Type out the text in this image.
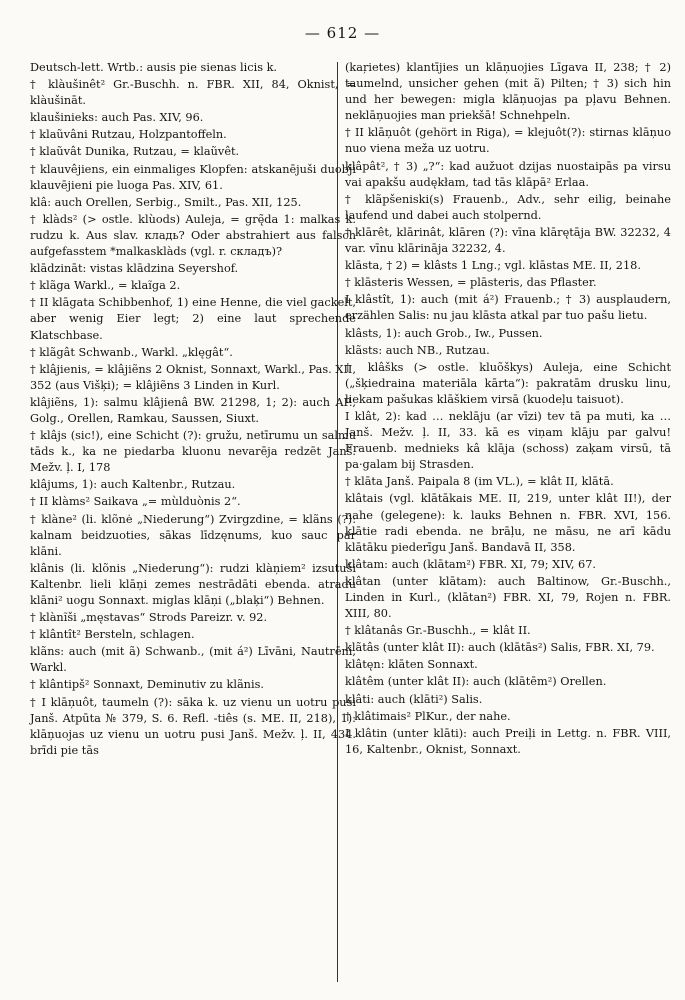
— 612 —

Deutsch-lett. Wrtb.: ausis pie sienas licis k.

† klàušinêt² Gr.-Buschh. n. FBR. XII, 84, Oknist, = klàušināt.

klaušinieks: auch Pas. XIV, 96.

† klaũvâni Rutzau, Holzpantoffeln.

† klaũvât Dunika, Rutzau, = klaũvêt.

† klauvêjiens, ein einmaliges Klopfen: atskanējuši duobji klauvējieni pie luoga Pas. XIV, 61.

klâ: auch Orellen, Serbig., Smilt., Pas. XII, 125.

† klàds² (> ostle. klùods) Auleja, = grę̃da 1: malkas k. rudzu k. Aus slav. кладь? Oder abstrahiert aus falsch aufgefasstem *malkasklàds (vgl. r. складъ)?

klādzināt: vistas klādzina Seyershof.

† klãga Warkl., = klaĩga 2.

† II klāgata Schibbenhof, 1) eine Henne, die viel gackelt, aber wenig Eier legt; 2) eine laut sprechende Klatschbase.

† klãgât Schwanb., Warkl. „klęgât“.

† klâjienis, = klâjiẽns 2 Oknist, Sonnaxt, Warkl., Pas. XII, 352 (aus Višķi); = klâjiẽns 3 Linden in Kurl.

klâjiẽns, 1): salmu klâjienâ BW. 21298, 1; 2): auch AP., Golg., Orellen, Ramkau, Saussen, Siuxt.

† klâjs (sic!), eine Schicht (?): gružu, netīrumu un salmu tāds k., ka ne piedarba kluonu nevarēja redzēt Janš. Mežv. ļ. I, 178

klâjums, 1): auch Kaltenbr., Rutzau.

† II klàms² Saikava „= mùlduònis 2“.

† klàne² (li. klõnė „Niederung“) Zvirgzdine, = klãns (?): kalnam beidzuoties, sākas līdzęnums, kuo sauc par klāni.

klânis (li. klõnis „Niederung“): rudzi klàņiem² izsutuši Kaltenbr. lieli klāņi zemes nestrādāti ebenda. atradu klāni² uogu Sonnaxt. miglas klāņi („blaķi“) Behnen.

† klànĩši „męstavas“ Strods Pareizr. v. 92.

† klântît² Bersteln, schlagen.

klãns: auch (mit ã) Schwanb., (mit á²) Līvāni, Nautrēni, Warkl.

† klântipš² Sonnaxt, Deminutiv zu klãnis.

† I klāņuôt, taumeln (?): sāka k. uz vienu un uotru pusi Janš. Atpūta № 379, S. 6. Refl. -tiês (s. ME. II, 218), 1): klāņuojas uz vienu un uotru pusi Janš. Mežv. ļ. II, 434. brīdi pie tās

(kaŗietes) klantījies un klāņuojies Līgava II, 238; † 2) taumelnd, unsicher gehen (mit ã) Pilten; † 3) sich hin und her bewegen: migla klāņuojas pa pļavu Behnen. neklāņuojies man priekšā! Schnehpeln.

† II klāņuôt (gehört in Riga), = klejuôt(?): stirnas klāņuo nuo viena meža uz uotru.

klâpât², † 3) „?“: kad aužuot dzijas nuostaipās pa virsu vai apakšu audękłam, tad tās klāpā² Erlaa.

† klãpšeniski(s) Frauenb., Adv., sehr eilig, beinahe laufend und dabei auch stolpernd.

† klārêt, klārinât, klāren (?): vīna klārętāja BW. 32232, 4 var. vīnu klārināja 32232, 4.

klāsta, † 2) = klâsts 1 Lng.; vgl. klāstas ME. II, 218.

† klāsteris Wessen, = plāsteris, das Pflaster.

I klâstît, 1): auch (mit á²) Frauenb.; † 3) ausplaudern, erzählen Salis: nu jau klāsta atkal par tuo pašu lietu.

klâsts, 1): auch Grob., Iw., Pussen.

klãsts: auch NB., Rutzau.

† klâšks (> ostle. kluõškys) Auleja, eine Schicht („šķiedraina materiāla kārta“): pakratām drusku linu, liekam pašukas klāškiem virsā (kuodeļu taisuot).

I klât, 2): kad … neklāju (ar vīzi) tev tā pa muti, ka … Janš. Mežv. ļ. II, 33. kā es viņam klāju par galvu! Frauenb. mednieks kâ klāja (schoss) zaķam virsū, tā pa·galam bij Strasden.

† klāta Janš. Paipala 8 (im VL.), = klât II, klātā.

klâtais (vgl. klātākais ME. II, 219, unter klât II!), der nahe (gelegene): k. lauks Behnen n. FBR. XVI, 156. klātie radi ebenda. ne brāļu, ne māsu, ne arī kādu klātāku piederīgu Janš. Bandavā II, 358.

klâtam: auch (klātam²) FBR. XI, 79; XIV, 67.

klâtan (unter klātam): auch Baltinow, Gr.-Buschh., Linden in Kurl., (klātan²) FBR. XI, 79, Rojen n. FBR. XIII, 80.

† klâtanâs Gr.-Buschh., = klât II.

klãtâs (unter klât II): auch (klātās²) Salis, FBR. XI, 79.

klâtęn: klāten Sonnaxt.

klâtêm (unter klât II): auch (klātēm²) Orellen.

klâti: auch (klāti²) Salis.

† klâtimais² PlKur., der nahe.

I klâtin (unter klāti): auch Preiļi in Lettg. n. FBR. VIII, 16, Kaltenbr., Oknist, Sonnaxt.
